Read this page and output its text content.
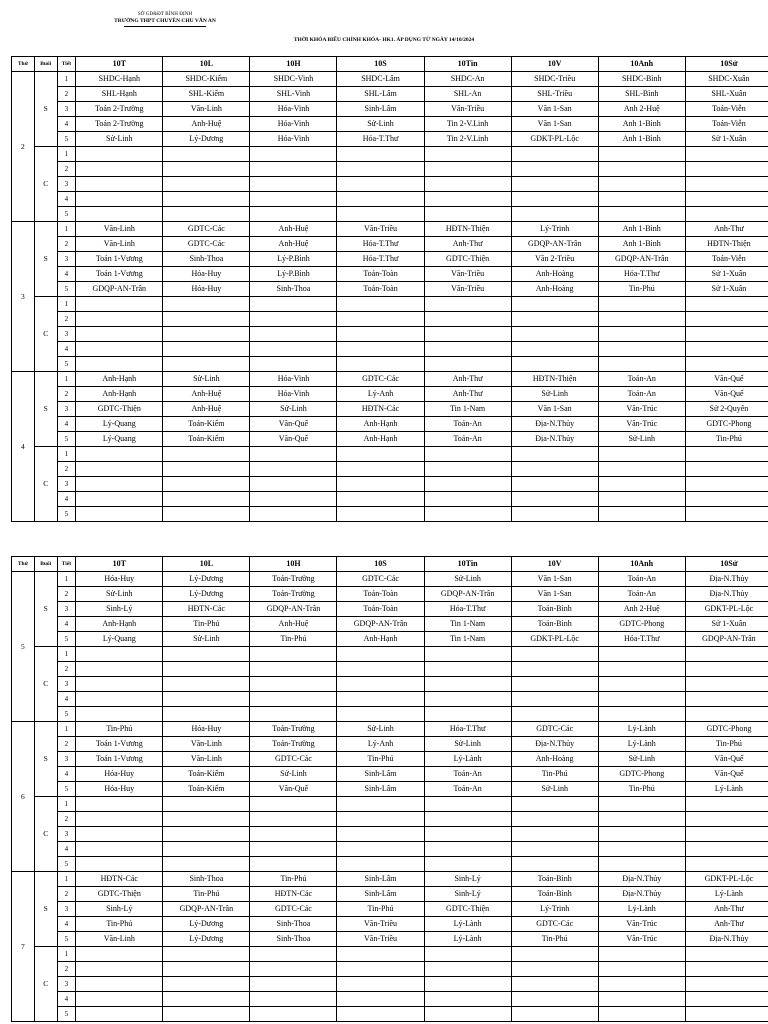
SỞ GD&ĐT BÌNH ĐỊNH
TRƯỜNG THPT CHUYÊN CHU VĂN AN
THỜI KHÓA BIỂU CHÍNH KHÓA- HK1. ÁP DỤNG TỪ NGÀY 14/10/2024
Thứ	Buổi	Tiết	10T	10L	10H	10S	10Tin	10V	10Anh	10Sử
2	S	1	SHDC-Hạnh	SHDC-Kiểm	SHDC-Vinh	SHDC-Lâm	SHDC-An	SHDC-Triều	SHDC-Bình	SHDC-Xuân
		2	SHL-Hạnh	SHL-Kiểm	SHL-Vinh	SHL-Lâm	SHL-An	SHL-Triều	SHL-Bình	SHL-Xuân
		3	Toán 2-Trường	Văn-Linh	Hóa-Vinh	Sinh-Lâm	Văn-Triều	Văn 1-San	Anh 2-Huệ	Toán-Viễn
		4	Toán 2-Trường	Anh-Huệ	Hóa-Vinh	Sử-Linh	Tin 2-V.Linh	Văn 1-San	Anh 1-Bình	Toán-Viễn
		5	Sử-Linh	Lý-Dương	Hóa-Vinh	Hóa-T.Thư	Tin 2-V.Linh	GDKT-PL-Lộc	Anh 1-Bình	Sử 1-Xuân
	C	1								
		2								
		3								
		4								
		5								
3	S	1	Văn-Linh	GDTC-Các	Anh-Huệ	Văn-Triều	HĐTN-Thiện	Lý-Trinh	Anh 1-Bình	Anh-Thư
		2	Văn-Linh	GDTC-Các	Anh-Huệ	Hóa-T.Thư	Anh-Thư	GDQP-AN-Trân	Anh 1-Bình	HĐTN-Thiện
		3	Toán 1-Vương	Sinh-Thoa	Lý-P.Bình	Hóa-T.Thư	GDTC-Thiện	Văn 2-Triều	GDQP-AN-Trân	Toán-Viễn
		4	Toán 1-Vương	Hóa-Huy	Lý-P.Bình	Toán-Toàn	Văn-Triều	Anh-Hoàng	Hóa-T.Thư	Sử 1-Xuân
		5	GDQP-AN-Trân	Hóa-Huy	Sinh-Thoa	Toán-Toàn	Văn-Triều	Anh-Hoàng	Tin-Phú	Sử 1-Xuân
	C	1								
		2								
		3								
		4								
		5								
4	S	1	Anh-Hạnh	Sử-Linh	Hóa-Vinh	GDTC-Các	Anh-Thư	HĐTN-Thiện	Toán-An	Văn-Quế
		2	Anh-Hạnh	Anh-Huệ	Hóa-Vinh	Lý-Anh	Anh-Thư	Sử-Linh	Toán-An	Văn-Quế
		3	GDTC-Thiện	Anh-Huệ	Sử-Linh	HĐTN-Các	Tin 1-Nam	Văn 1-San	Văn-Trúc	Sử 2-Quyên
		4	Lý-Quang	Toán-Kiểm	Văn-Quế	Anh-Hạnh	Toán-An	Địa-N.Thủy	Văn-Trúc	GDTC-Phong
		5	Lý-Quang	Toán-Kiểm	Văn-Quế	Anh-Hạnh	Toán-An	Địa-N.Thủy	Sử-Linh	Tin-Phú
	C	1								
		2								
		3								
		4								
		5								
Thứ	Buổi	Tiết	10T	10L	10H	10S	10Tin	10V	10Anh	10Sử
5	S	1	Hóa-Huy	Lý-Dương	Toán-Trường	GDTC-Các	Sử-Linh	Văn 1-San	Toán-An	Địa-N.Thủy
		2	Sử-Linh	Lý-Dương	Toán-Trường	Toán-Toàn	GDQP-AN-Trân	Văn 1-San	Toán-An	Địa-N.Thủy
		3	Sinh-Lý	HĐTN-Các	GDQP-AN-Trân	Toán-Toàn	Hóa-T.Thư	Toán-Bình	Anh 2-Huệ	GDKT-PL-Lộc
		4	Anh-Hạnh	Tin-Phú	Anh-Huệ	GDQP-AN-Trân	Tin 1-Nam	Toán-Bình	GDTC-Phong	Sử 1-Xuân
		5	Lý-Quang	Sử-Linh	Tin-Phú	Anh-Hạnh	Tin 1-Nam	GDKT-PL-Lộc	Hóa-T.Thư	GDQP-AN-Trân
	C	1								
		2								
		3								
		4								
		5								
6	S	1	Tin-Phú	Hóa-Huy	Toán-Trường	Sử-Linh	Hóa-T.Thư	GDTC-Các	Lý-Lành	GDTC-Phong
		2	Toán 1-Vương	Văn-Linh	Toán-Trường	Lý-Anh	Sử-Linh	Địa-N.Thủy	Lý-Lành	Tin-Phú
		3	Toán 1-Vương	Văn-Linh	GDTC-Các	Tin-Phú	Lý-Lành	Anh-Hoàng	Sử-Linh	Văn-Quế
		4	Hóa-Huy	Toán-Kiểm	Sử-Linh	Sinh-Lâm	Toán-An	Tin-Phú	GDTC-Phong	Văn-Quế
		5	Hóa-Huy	Toán-Kiểm	Văn-Quế	Sinh-Lâm	Toán-An	Sử-Linh	Tin-Phú	Lý-Lành
	C	1								
		2								
		3								
		4								
		5								
7	S	1	HĐTN-Các	Sinh-Thoa	Tin-Phú	Sinh-Lâm	Sinh-Lý	Toán-Bình	Địa-N.Thủy	GDKT-PL-Lộc
		2	GDTC-Thiện	Tin-Phú	HĐTN-Các	Sinh-Lâm	Sinh-Lý	Toán-Bình	Địa-N.Thủy	Lý-Lành
		3	Sinh-Lý	GDQP-AN-Trân	GDTC-Các	Tin-Phú	GDTC-Thiện	Lý-Trinh	Lý-Lành	Anh-Thư
		4	Tin-Phú	Lý-Dương	Sinh-Thoa	Văn-Triều	Lý-Lành	GDTC-Các	Văn-Trúc	Anh-Thư
		5	Văn-Linh	Lý-Dương	Sinh-Thoa	Văn-Triều	Lý-Lành	Tin-Phú	Văn-Trúc	Địa-N.Thủy
	C	1								
		2								
		3								
		4								
		5								
